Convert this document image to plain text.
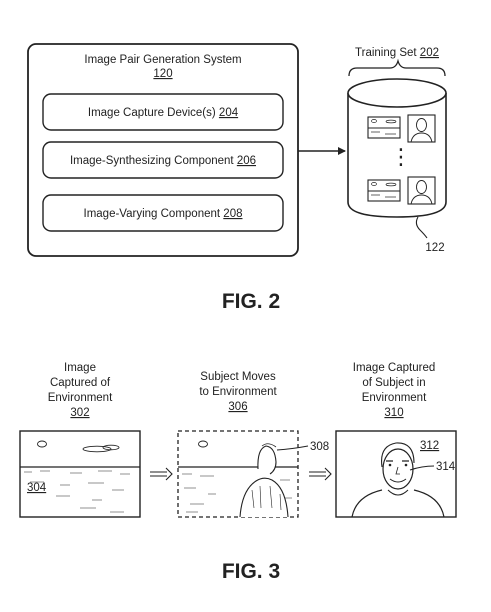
Image Pair Generation System
120
Image Capture Device(s) 204
Image-Synthesizing Component 206
Image-Varying Component 208
Training Set 202
⋮
122
FIG. 2
Image
Captured of
Environment
302
Subject Moves
to Environment
306
Image Captured
of Subject in
Environment
310
304
308	312
314
FIG. 3
